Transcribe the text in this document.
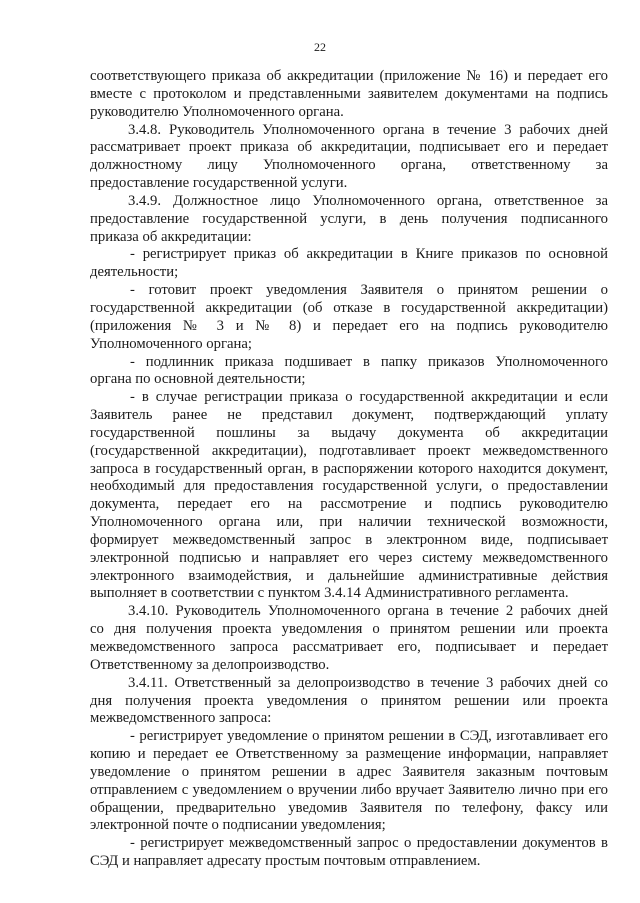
22

соответствующего приказа об аккредитации (приложение № 16) и передает его

вместе с протоколом и представленными заявителем документами на подпись

руководителю Уполномоченного органа.

3.4.8. Руководитель Уполномоченного органа в течение 3 рабочих дней

рассматривает проект приказа об аккредитации, подписывает его и передает

должностному лицу Уполномоченного органа, ответственному за

предоставление государственной услуги.

3.4.9. Должностное лицо Уполномоченного органа, ответственное за

предоставление государственной услуги, в день получения подписанного

приказа об аккредитации:

- регистрирует приказ об аккредитации в Книге приказов по основной

деятельности;

- готовит проект уведомления Заявителя о принятом решении о

государственной аккредитации (об отказе в государственной аккредитации)

(приложения № 3 и № 8) и передает его на подпись руководителю

Уполномоченного органа;

- подлинник приказа подшивает в папку приказов Уполномоченного

органа по основной деятельности;

- в случае регистрации приказа о государственной аккредитации и если

Заявитель ранее не представил документ, подтверждающий уплату

государственной пошлины за выдачу документа об аккредитации

(государственной аккредитации), подготавливает проект межведомственного

запроса в государственный орган, в распоряжении которого находится документ,

необходимый для предоставления государственной услуги, о предоставлении

документа, передает его на рассмотрение и подпись руководителю

Уполномоченного органа или, при наличии технической возможности,

формирует межведомственный запрос в электронном виде, подписывает

электронной подписью и направляет его через систему межведомственного

электронного взаимодействия, и дальнейшие административные действия

выполняет в соответствии с пунктом 3.4.14 Административного регламента.

3.4.10. Руководитель Уполномоченного органа в течение 2 рабочих дней

со дня получения проекта уведомления о принятом решении или проекта

межведомственного запроса рассматривает его, подписывает и передает

Ответственному за делопроизводство.

3.4.11. Ответственный за делопроизводство в течение 3 рабочих дней со

дня получения проекта уведомления о принятом решении или проекта

межведомственного запроса:

- регистрирует уведомление о принятом решении в СЭД, изготавливает его

копию и передает ее Ответственному за размещение информации, направляет

уведомление о принятом решении в адрес Заявителя заказным почтовым

отправлением с уведомлением о вручении либо вручает Заявителю лично при его

обращении, предварительно уведомив Заявителя по телефону, факсу или

электронной почте о подписании уведомления;

- регистрирует межведомственный запрос о предоставлении документов в

СЭД и направляет адресату простым почтовым отправлением.
